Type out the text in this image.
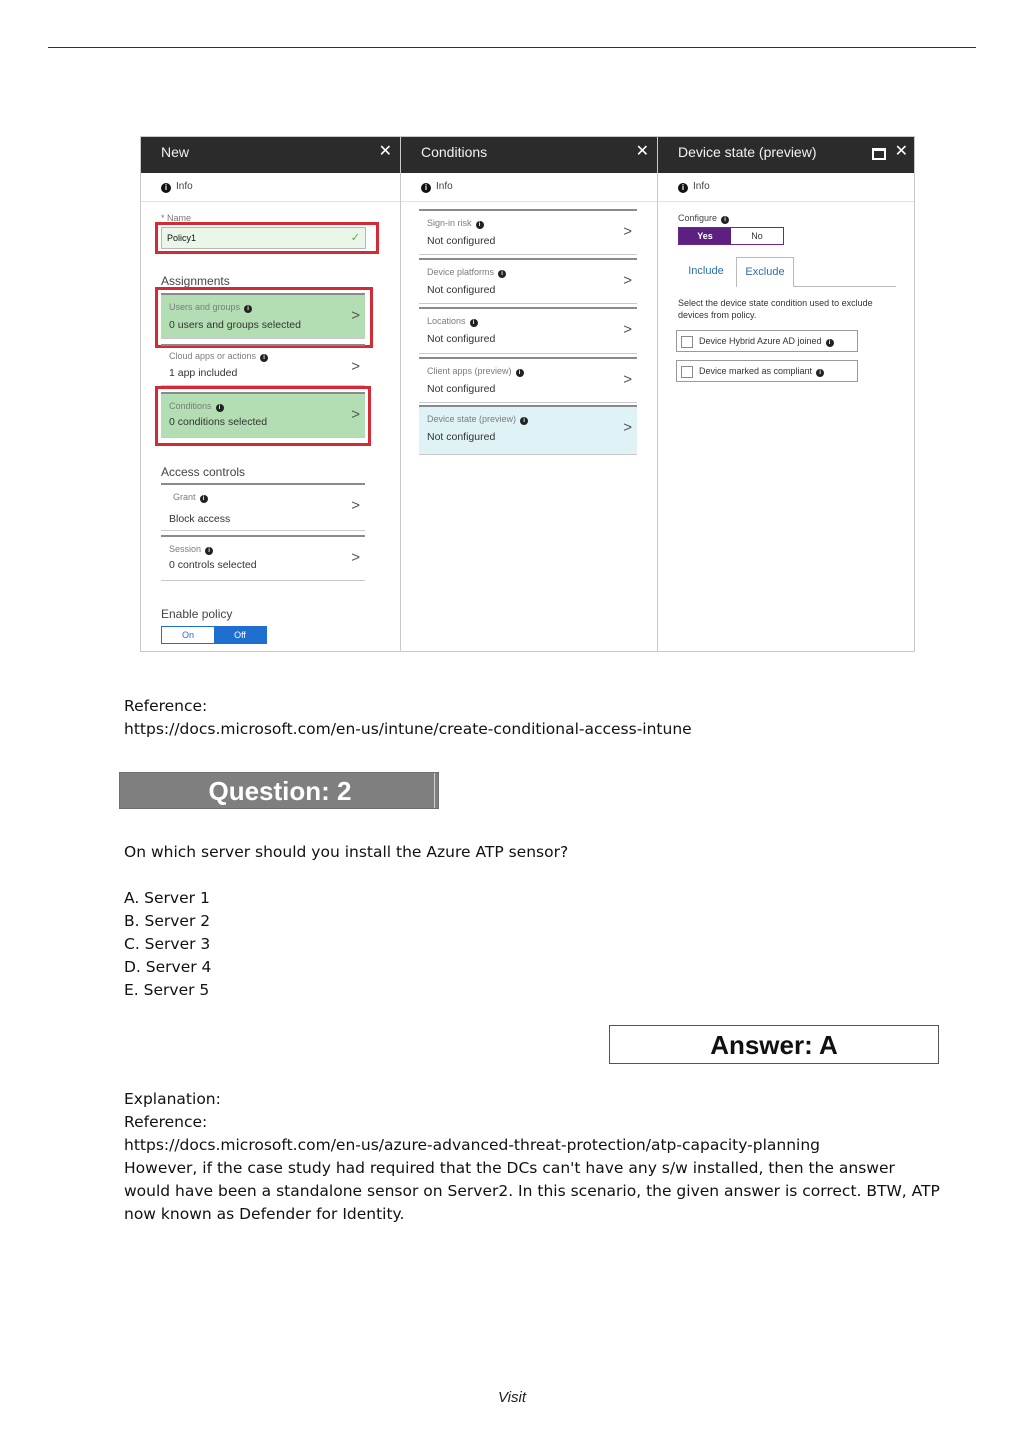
New	✕
i Info
* Name
Policy1	✓
Assignments
Users and groups i
0 users and groups selected
>
Cloud apps or actions i
1 app included	>
Conditions i
0 conditions selected	>
Access controls
Grant i
Block access
>
Session i
0 controls selected	>
Enable policy
On	Off
Conditions	✕
i Info
Sign-in risk i
Not configured
>
Device platforms i
Not configured
>
Locations i
Not configured
>
Client apps (preview) i
Not configured
>
Device state (preview) i
Not configured
>
Device state (preview)	✕
i Info
Configure i
Yes	No
Include	Exclude
Select the device state condition used to exclude devices from policy.
Device Hybrid Azure AD joined i
Device marked as compliant i
Reference:
https://docs.microsoft.com/en-us/intune/create-conditional-access-intune
Question: 2
On which server should you install the Azure ATP sensor?
A. Server 1
B. Server 2
C. Server 3
D. Server 4
E. Server 5
Answer: A
Explanation:
Reference:
https://docs.microsoft.com/en-us/azure-advanced-threat-protection/atp-capacity-planning
However, if the case study had required that the DCs can't have any s/w installed, then the answer
would have been a standalone sensor on Server2. In this scenario, the given answer is correct. BTW, ATP
now known as Defender for Identity.
Visit
